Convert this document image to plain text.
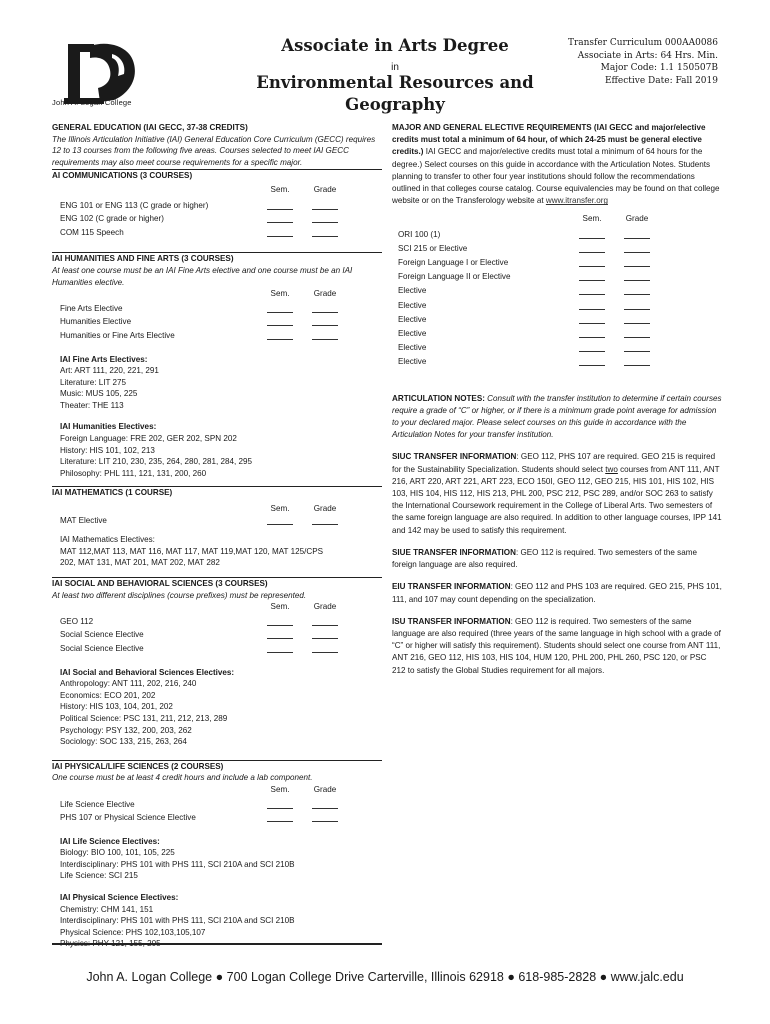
John A. Logan College
Associate in Arts Degree
in
Environmental Resources and
Geography
Transfer Curriculum 000AA0086
Associate in Arts: 64 Hrs. Min.
Major Code: 1.1 150507B
Effective Date: Fall 2019

GENERAL EDUCATION (IAI GECC, 37-38 CREDITS)

The Illinois Articulation Initiative (IAI) General Education Core Curriculum (GECC) requires 12 to 13 courses from the following five areas. Courses selected to meet IAI GECC requirements may also meet course requirements for a specific major.

AI COMMUNICATIONS (3 COURSES)

Sem.	Grade
ENG 101 or ENG 113 (C grade or higher)
ENG 102 (C grade or higher)
COM 115 Speech

IAI HUMANITIES AND FINE ARTS (3 COURSES)

At least one course must be an IAI Fine Arts elective and one course must be an IAI Humanities elective.

Sem.	Grade
Fine Arts Elective
Humanities Elective
Humanities or Fine Arts Elective

IAI Fine Arts Electives:

Art: ART 111, 220, 221, 291

Literature: LIT 275

Music: MUS 105, 225

Theater: THE 113

IAI Humanities Electives:

Foreign Language: FRE 202, GER 202, SPN 202

History: HIS 101, 102, 213

Literature: LIT 210, 230, 235, 264, 280, 281, 284, 295

Philosophy: PHL 111, 121, 131, 200, 260

IAI MATHEMATICS (1 COURSE)

Sem.	Grade
MAT Elective

IAI Mathematics Electives:

MAT 112,MAT 113, MAT 116, MAT 117, MAT 119,MAT 120, MAT 125/CPS

202, MAT 131, MAT 201, MAT 202, MAT 282

IAI SOCIAL AND BEHAVIORAL SCIENCES (3 COURSES)

At least two different disciplines (course prefixes) must be represented.

Sem.	Grade
GEO 112
Social Science Elective
Social Science Elective

IAI Social and Behavioral Sciences Electives:

Anthropology: ANT 111, 202, 216, 240

Economics: ECO 201, 202

History: HIS 103, 104, 201, 202

Political Science: PSC 131, 211, 212, 213, 289

Psychology: PSY 132, 200, 203, 262

Sociology: SOC 133, 215, 263, 264

IAI PHYSICAL/LIFE SCIENCES (2 COURSES)

One course must be at least 4 credit hours and include a lab component.

Sem.	Grade
Life Science Elective
PHS 107 or Physical Science Elective

IAI Life Science Electives:

Biology: BIO 100, 101, 105, 225

Interdisciplinary: PHS 101 with PHS 111, SCI 210A and SCI 210B

Life Science: SCI 215

IAI Physical Science Electives:

Chemistry: CHM 141, 151

Interdisciplinary: PHS 101 with PHS 111, SCI 210A and SCI 210B

Physical Science: PHS 102,103,105,107

Physics: PHY 121, 155, 205

MAJOR AND GENERAL ELECTIVE REQUIREMENTS (IAI GECC and major/elective credits must total a minimum of 64 hour, of which 24-25 must be general elective credits.) IAI GECC and major/elective credits must total a minimum of 64 hours for the degree.) Select courses on this guide in accordance with the Articulation Notes. Students planning to transfer to other four year institutions should follow the recommendations outlined in that colleges course catalog. Course equivalencies may be found on that college website or on the Transferology website at www.itransfer.org

Sem.	Grade
ORI 100 (1)
SCI 215 or Elective
Foreign Language I or Elective
Foreign Language II or Elective
Elective
Elective
Elective
Elective
Elective
Elective

ARTICULATION NOTES: Consult with the transfer institution to determine if certain courses require a grade of “C” or higher, or if there is a minimum grade point average for admission to your declared major. Please select courses on this guide in accordance with the Articulation Notes for your transfer institution.

SIUC TRANSFER INFORMATION: GEO 112, PHS 107 are required. GEO 215 is required for the Sustainability Specialization. Students should select two courses from ANT 111, ANT 216, ART 220, ART 221, ART 223, ECO 150I, GEO 112, GEO 215, HIS 101, HIS 102, HIS 103, HIS 104, HIS 112, HIS 213, PHL 200, PSC 212, PSC 289, and/or SOC 263 to satisfy the International Coursework requirement in the College of Liberal Arts. Two semesters of the same foreign language are also required. In addition to other language courses, IPP 141 and 142 may be used to satisfy this requirement.

SIUE TRANSFER INFORMATION: GEO 112 is required. Two semesters of the same foreign language are also required.

EIU TRANSFER INFORMATION: GEO 112 and PHS 103 are required. GEO 215, PHS 101, 111, and 107 may count depending on the specialization.

ISU TRANSFER INFORMATION: GEO 112 is required. Two semesters of the same language are also required (three years of the same language in high school with a grade of “C” or higher will satisfy this requirement). Students should select one course from ANT 111, ANT 216, GEO 112, HIS 103, HIS 104, HUM 120, PHL 200, PHL 260, PSC 120, or PSC 212 to satisfy the Global Studies requirement for all majors.

John A. Logan College ● 700 Logan College Drive Carterville, Illinois 62918 ● 618-985-2828 ● www.jalc.edu
